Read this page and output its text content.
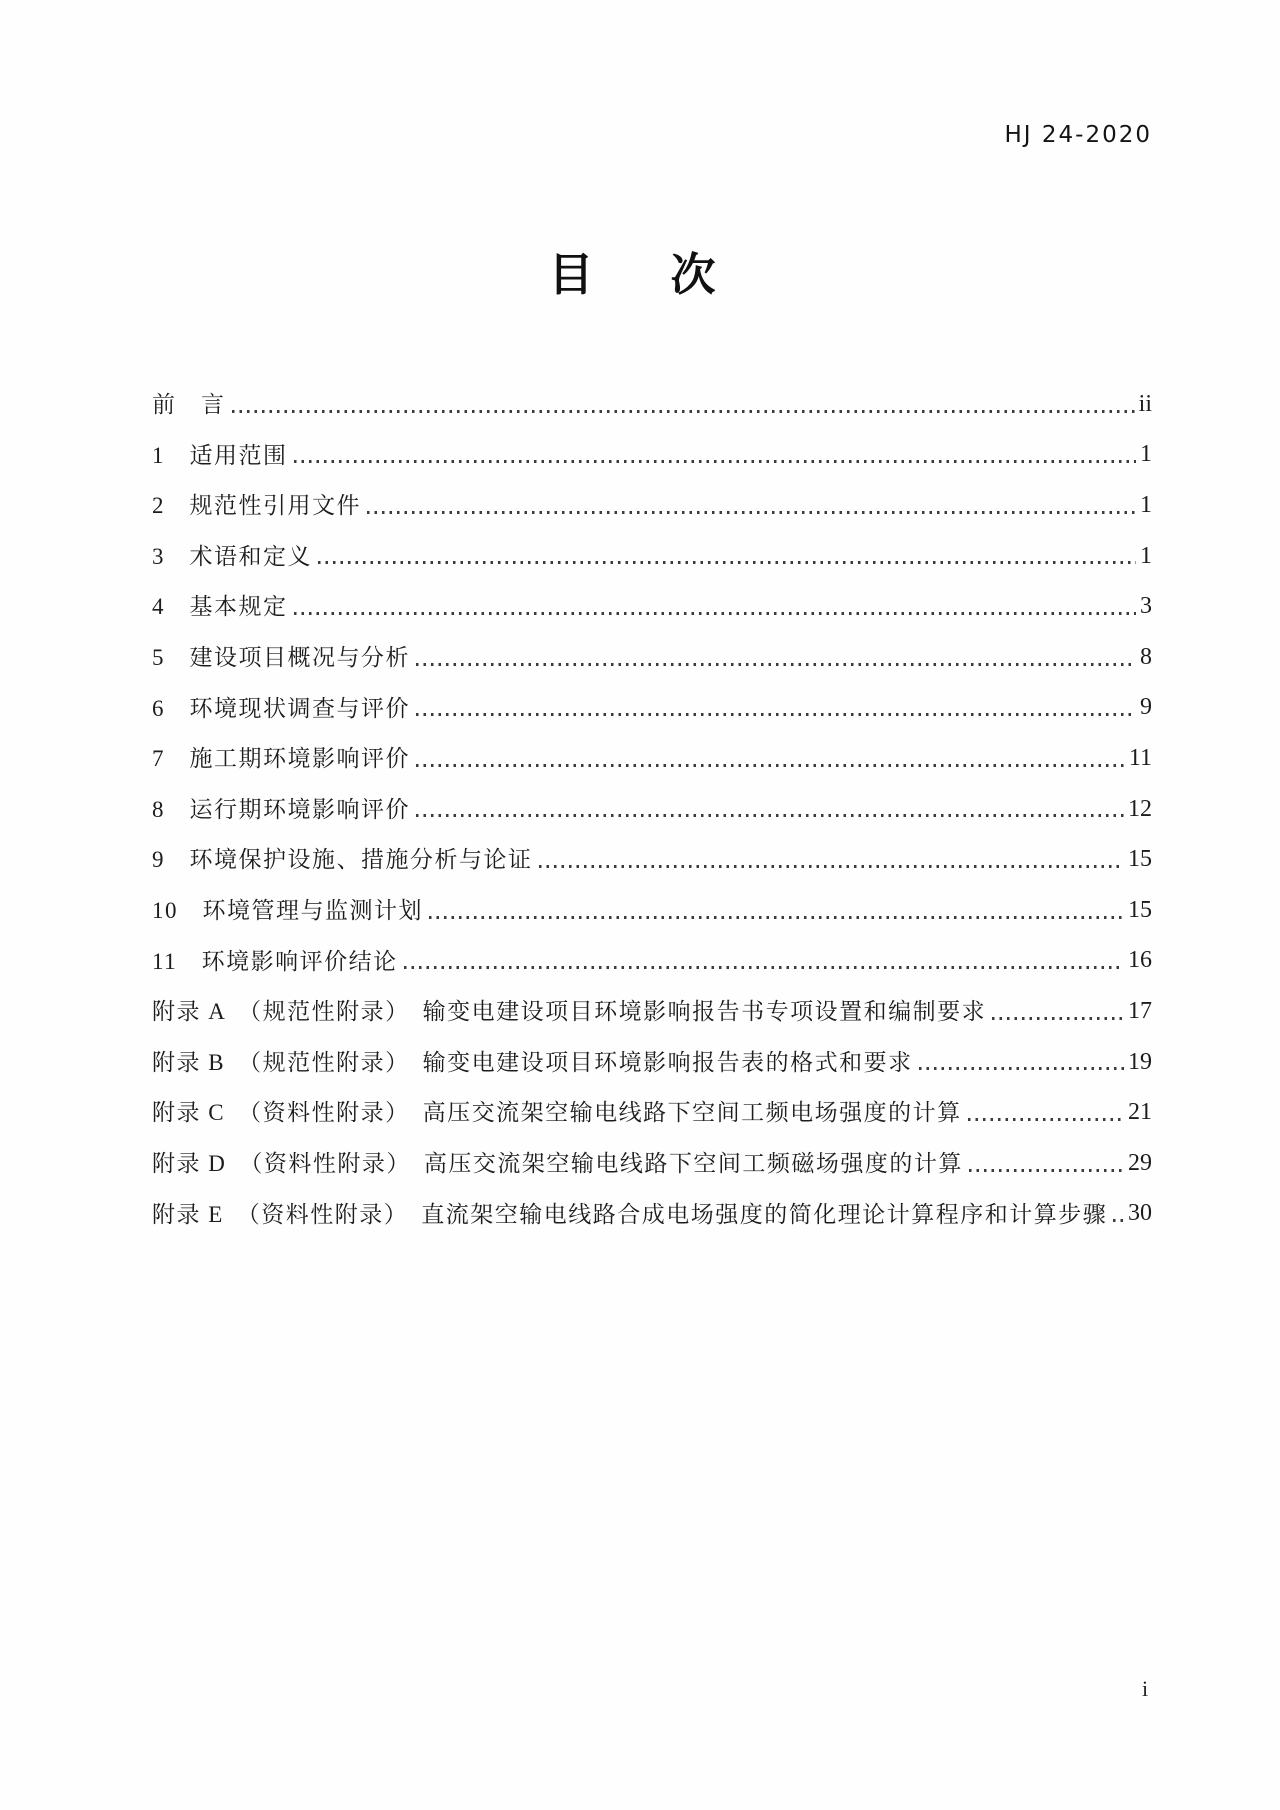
HJ 24-2020
目　次
前　言	ii
1　适用范围	1
2　规范性引用文件	1
3　术语和定义	1
4　基本规定	3
5　建设项目概况与分析	8
6　环境现状调查与评价	9
7　施工期环境影响评价	11
8　运行期环境影响评价	12
9　环境保护设施、措施分析与论证	15
10　环境管理与监测计划	15
11　环境影响评价结论	16
附录 A　（规范性附录）　输变电建设项目环境影响报告书专项设置和编制要求	17
附录 B　（规范性附录）　输变电建设项目环境影响报告表的格式和要求	19
附录 C　（资料性附录）　高压交流架空输电线路下空间工频电场强度的计算	21
附录 D　（资料性附录）　高压交流架空输电线路下空间工频磁场强度的计算	29
附录 E　（资料性附录）　直流架空输电线路合成电场强度的简化理论计算程序和计算步骤 30
i
